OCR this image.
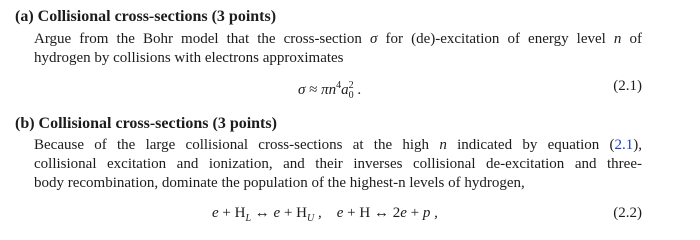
(a) Collisional cross-sections (3 points)
Argue from the Bohr model that the cross-section σ for (de)-excitation of energy level n of
hydrogen by collisions with electrons approximates
$\sigma \approx \pi n^4a_0^2$ .	(2.1)
(b) Collisional cross-sections (3 points)
Because of the large collisional cross-sections at the high n indicated by equation (2.1),
collisional excitation and ionization, and their inverses collisional de-excitation and three-
body recombination, dominate the population of the highest-n levels of hydrogen,
$e + H_L$ ↔ $e + H_U$ ,    e + H ↔ 2e + p ,	(2.2)
